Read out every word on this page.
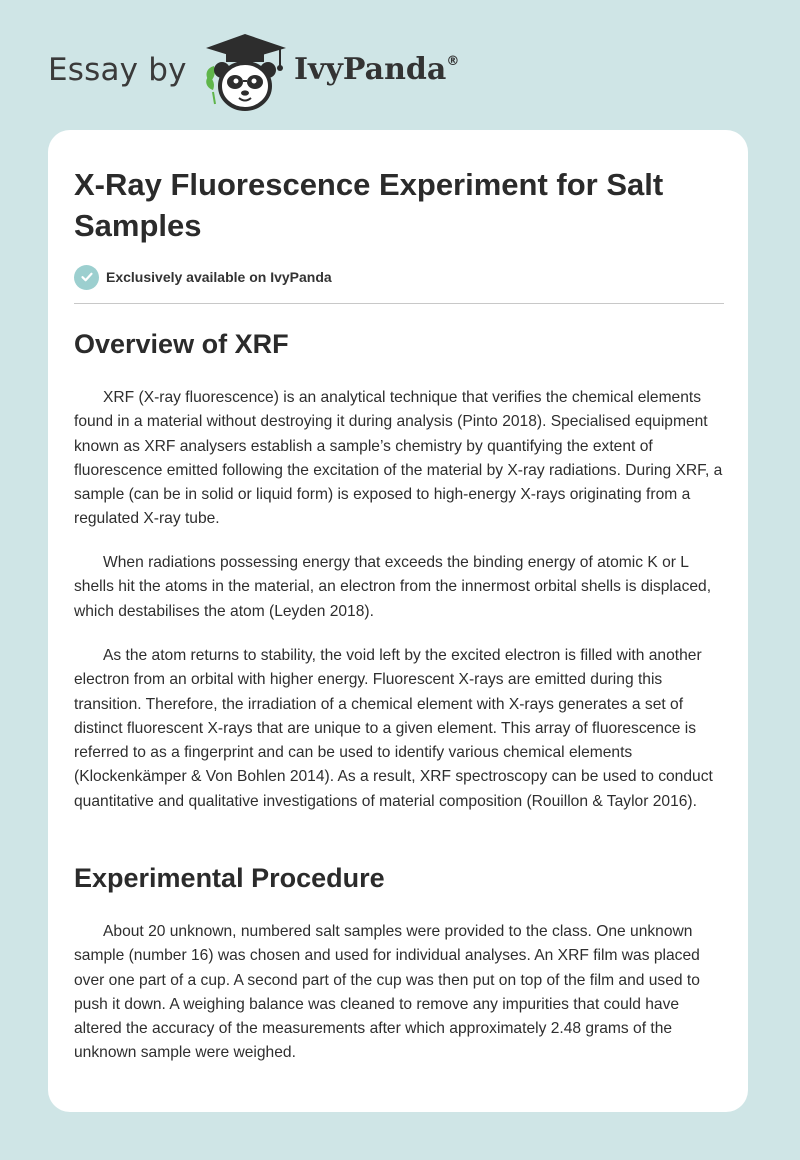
Essay by	IvyPanda®
X-Ray Fluorescence Experiment for Salt Samples
Exclusively available on IvyPanda
Overview of XRF

XRF (X-ray fluorescence) is an analytical technique that verifies the chemical elements found in a material without destroying it during analysis (Pinto 2018). Specialised equipment known as XRF analysers establish a sample’s chemistry by quantifying the extent of fluorescence emitted following the excitation of the material by X-ray radiations. During XRF, a sample (can be in solid or liquid form) is exposed to high-energy X-rays originating from a regulated X-ray tube.

When radiations possessing energy that exceeds the binding energy of atomic K or L shells hit the atoms in the material, an electron from the innermost orbital shells is displaced, which destabilises the atom (Leyden 2018).

As the atom returns to stability, the void left by the excited electron is filled with another electron from an orbital with higher energy. Fluorescent X-rays are emitted during this transition. Therefore, the irradiation of a chemical element with X-rays generates a set of distinct fluorescent X-rays that are unique to a given element. This array of fluorescence is referred to as a fingerprint and can be used to identify various chemical elements (Klockenkämper & Von Bohlen 2014). As a result, XRF spectroscopy can be used to conduct quantitative and qualitative investigations of material composition (Rouillon & Taylor 2016).

Experimental Procedure

About 20 unknown, numbered salt samples were provided to the class. One unknown sample (number 16) was chosen and used for individual analyses. An XRF film was placed over one part of a cup. A second part of the cup was then put on top of the film and used to push it down. A weighing balance was cleaned to remove any impurities that could have altered the accuracy of the measurements after which approximately 2.48 grams of the unknown sample were weighed.
